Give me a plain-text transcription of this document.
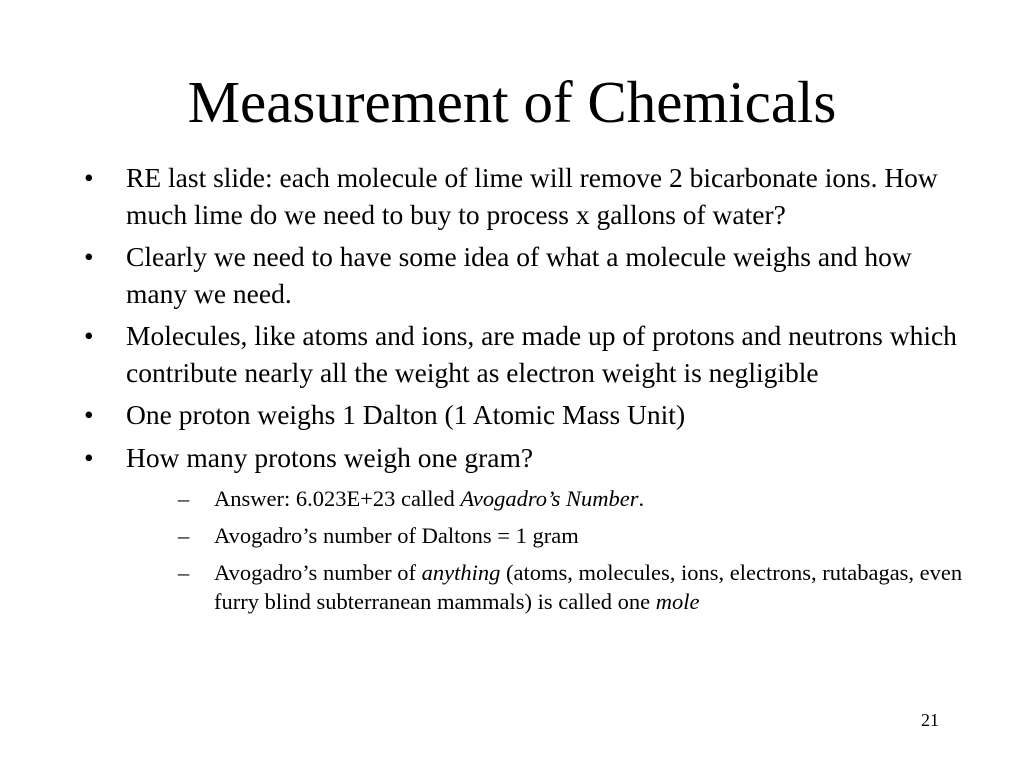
Measurement of Chemicals
•	RE last slide: each molecule of lime will remove 2 bicarbonate ions. How much lime do we need to buy to process x gallons of water?
•	Clearly we need to have some idea of what a molecule weighs and how many we need.
•	Molecules, like atoms and ions, are made up of protons and neutrons which contribute nearly all the weight as electron weight is negligible
•	One proton weighs 1 Dalton (1 Atomic Mass Unit)
•	How many protons weigh one gram?
– Answer: 6.023E+23 called Avogadro’s Number.
– Avogadro’s number of Daltons = 1 gram
– Avogadro’s number of anything (atoms, molecules, ions, electrons, rutabagas, even furry blind subterranean mammals) is called one mole
21
